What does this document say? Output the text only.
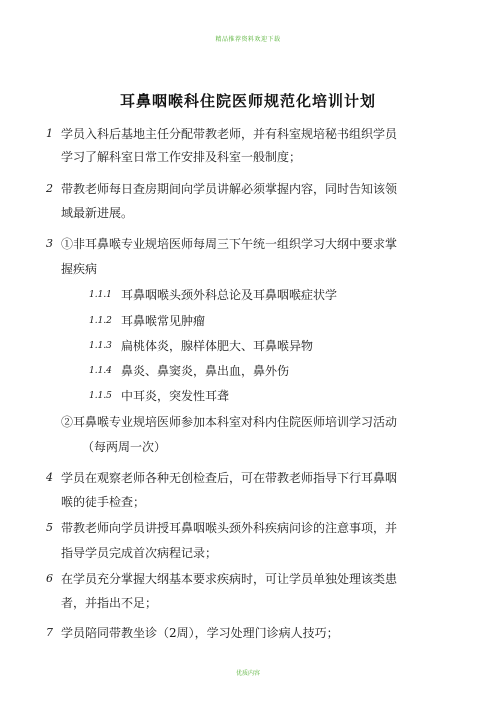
精品推荐资料欢迎下载
耳鼻咽喉科住院医师规范化培训计划
1 学员入科后基地主任分配带教老师，并有科室规培秘书组织学员
学习了解科室日常工作安排及科室一般制度；
2 带教老师每日查房期间向学员讲解必须掌握内容，同时告知该领
域最新进展。
3 ①非耳鼻喉专业规培医师每周三下午统一组织学习大纲中要求掌
握疾病
1.1.1 耳鼻咽喉头颈外科总论及耳鼻咽喉症状学
1.1.2 耳鼻喉常见肿瘤
1.1.3 扁桃体炎，腺样体肥大、耳鼻喉异物
1.1.4 鼻炎、鼻窦炎，鼻出血，鼻外伤
1.1.5 中耳炎，突发性耳聋
②耳鼻喉专业规培医师参加本科室对科内住院医师培训学习活动
（每两周一次）
4 学员在观察老师各种无创检查后，可在带教老师指导下行耳鼻咽
喉的徒手检查；
5 带教老师向学员讲授耳鼻咽喉头颈外科疾病问诊的注意事项，并
指导学员完成首次病程记录；
6 在学员充分掌握大纲基本要求疾病时，可让学员单独处理该类患
者，并指出不足；
7 学员陪同带教坐诊（2周），学习处理门诊病人技巧；
优质内容
